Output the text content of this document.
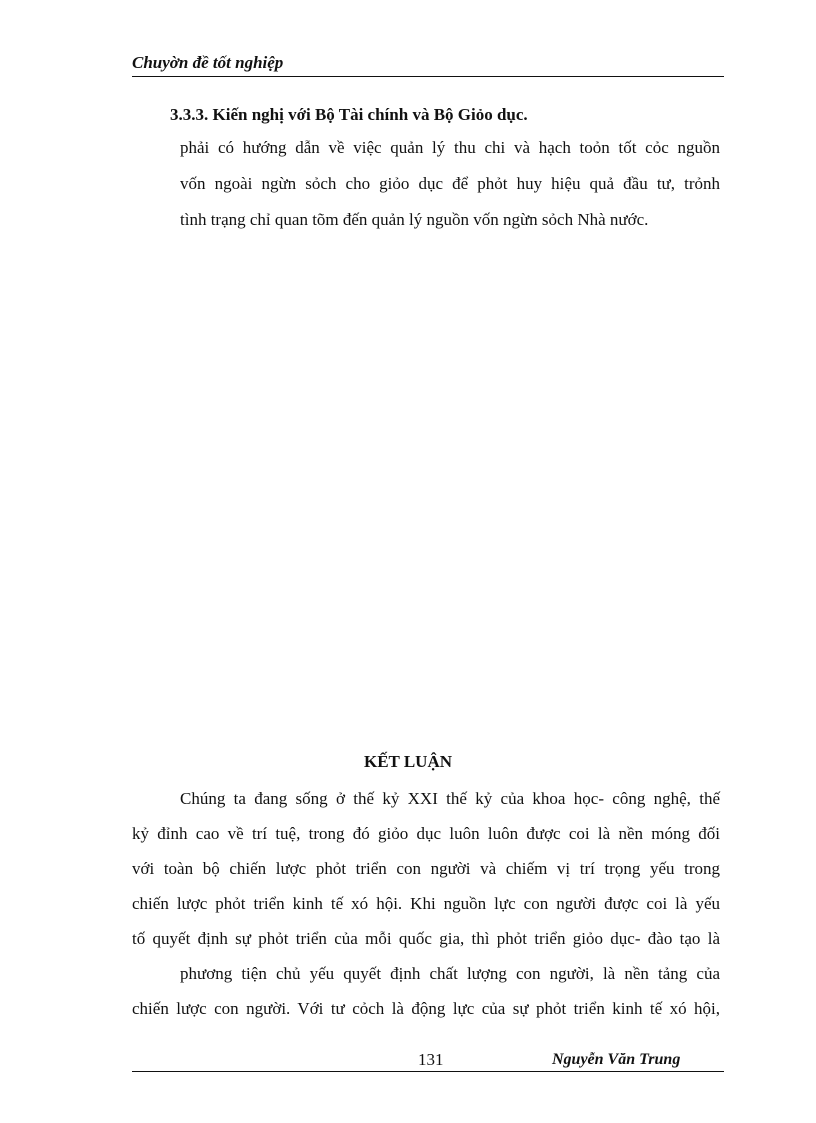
Chuyờn đề tốt nghiệp
3.3.3. Kiến nghị với Bộ Tài chính và Bộ Giỏo dục.
phải có hướng dẫn về việc quản lý thu chi và hạch toỏn tốt cỏc nguồn
vốn ngoài ngừn sỏch cho giỏo dục để phỏt huy hiệu quả đầu tư, trỏnh
tình trạng chỉ quan tõm đến quản lý nguồn vốn ngừn sỏch Nhà nước.
KẾT LUẬN
Chúng ta đang sống ở thế kỷ XXI thế kỷ của khoa học- công nghệ, thế
kỷ đỉnh cao về trí tuệ, trong đó giỏo dục luôn luôn được coi là nền móng đối
với toàn bộ chiến lược phỏt triển con người và chiếm vị trí trọng yếu trong
chiến lược phỏt triển kinh tế xó hội. Khi nguồn lực con người được coi là yếu
tố quyết định sự phỏt triển của mỗi quốc gia, thì phỏt triển giỏo dục- đào tạo là
phương tiện chủ yếu quyết định chất lượng con người, là nền tảng của
chiến lược con người. Với tư cỏch là động lực của sự phỏt triển kinh tế xó hội,
131	Nguyễn Văn Trung
